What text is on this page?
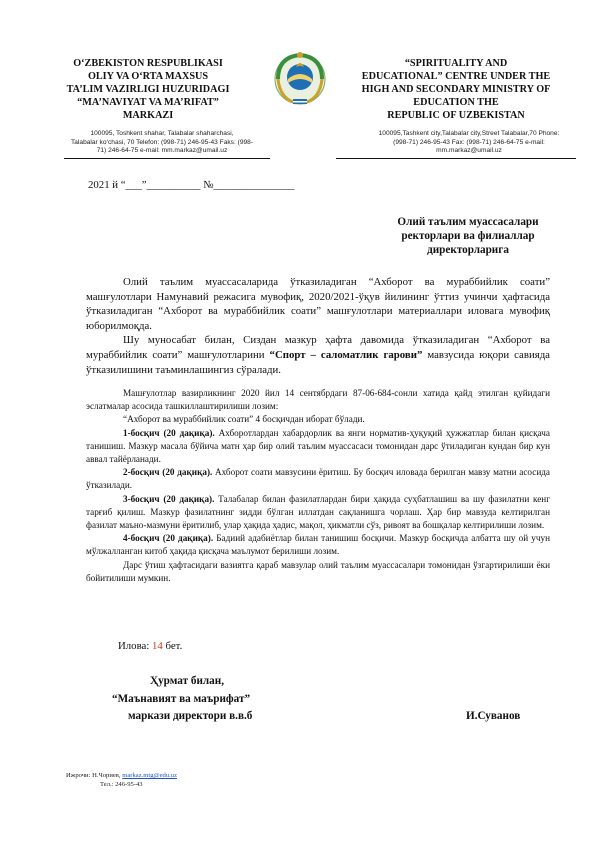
O‘ZBEKISTON RESPUBLIKASI
OLIY VA O‘RTA MAXSUS
TA’LIM VAZIRLIGI HUZURIDAGI
“MA’NAVIYAT VA MA’RIFAT”
MARKAZI
“SPIRITUALITY AND
EDUCATIONAL” CENTRE UNDER THE
HIGH AND SECONDARY MINISTRY OF
EDUCATION THE
REPUBLIC OF UZBEKISTAN
100095, Toshkent shahar, Talabalar shaharchasi,
Talabalar ko‘chasi, 70 Telefon: (998-71) 246-95-43 Faks: (998-
71) 246-64-75 e-mail: mm.markaz@umail.uz
100095,Tashkent city,Talabalar city,Street Talabalar,70 Phone:
(998-71) 246-95-43 Fax: (998-71) 246-64-75 e-mail:
mm.markaz@umail.uz
2021 й “___”__________ №_______________
Олий таълим муассасалари
ректорлари ва филиаллар
директорларига

Олий таълим муассасаларида ўтказиладиган “Ахборот ва мураббийлик соати” машғулотлари Намунавий режасига мувофиқ, 2020/2021-ўқув йилининг ўттиз учинчи ҳафтасида ўтказиладиган “Ахборот ва мураббийлик соати” машғулотлари материаллари иловага мувофиқ юборилмоқда.

Шу муносабат билан, Сиздан мазкур ҳафта давомида ўтказиладиган “Ахборот ва мураббийлик соати” машғулотларини “Спорт – саломатлик гарови” мавзусида юқори савияда ўтказилишини таъминлашингиз сўралади.

Машғулотлар вазирликнинг 2020 йил 14 сентябрдаги 87-06-684-сонли хатида қайд этилган қуйидаги эслатмалар асосида ташкиллаштирилиши лозим:

“Ахборот ва мураббийлик соати” 4 босқичдан иборат бўлади.

1-босқич (20 дақиқа). Ахборотлардан хабардорлик ва янги норматив-ҳуқуқий ҳужжатлар билан қисқача танишиш. Мазкур масала бўйича матн ҳар бир олий таълим муассасаси томонидан дарс ўтиладиган кундан бир кун аввал тайёрланади.

2-босқич (20 дақиқа). Ахборот соати мавзусини ёритиш. Бу босқич иловада берилган мавзу матни асосида ўтказилади.

3-босқич (20 дақиқа). Талабалар билан фазилатлардан бири ҳақида суҳбатлашиш ва шу фазилатни кенг тарғиб қилиш. Мазкур фазилатнинг зидди бўлган иллатдан сақланишга чорлаш. Ҳар бир мавзуда келтирилган фазилат маъно-мазмуни ёритилиб, улар ҳақида ҳадис, мақол, ҳикматли сўз, ривоят ва бошқалар келтирилиши лозим.

4-босқич (20 дақиқа). Бадиий адабиётлар билан танишиш босқичи. Мазкур босқичда албатта шу ой учун мўлжалланган китоб ҳақида қисқача маълумот берилиши лозим.

Дарс ўтиш ҳафтасидаги вазиятга қараб мавзулар олий таълим муассасалари томонидан ўзгартирилиши ёки бойитилиши мумкин.

Илова: 14 бет.
Ҳурмат билан,
“Маънавият ва маърифат”
маркази директори в.в.б	И.Суванов
Ижрочи: Н.Чориев, markaz.mtg@edu.uz
Тел.: 246-95-43
